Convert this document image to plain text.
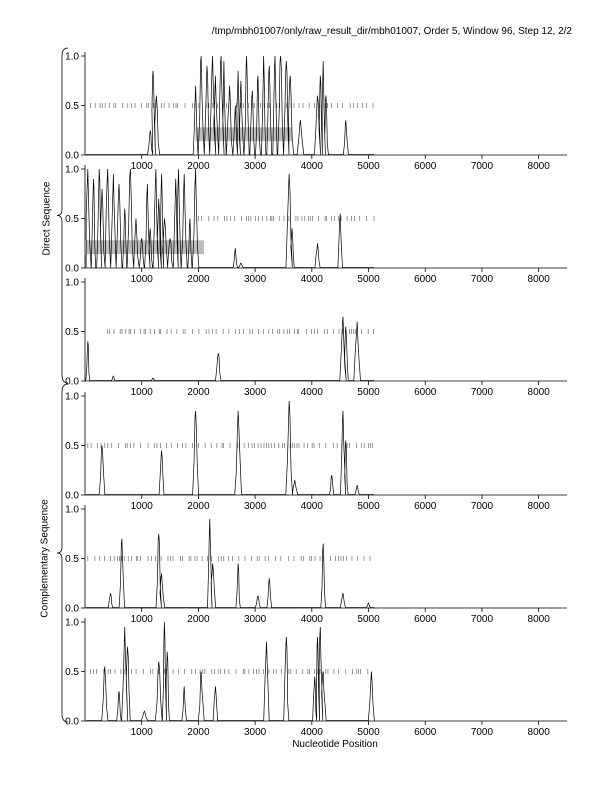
/tmp/mbh01007/only/raw_result_dir/mbh01007, Order 5, Window 96, Step 12, 2/2
0.0
0.5
1.0
1000	2000	3000	4000	5000	6000	7000	8000
0.0
0.5
1.0
1000	2000	3000	4000	5000	6000	7000	8000
0.0
0.5
1.0
1000	2000	3000	4000	5000	6000	7000	8000
0.0
0.5
1.0
1000	2000	3000	4000	5000	6000	7000	8000
0.0
0.5
1.0
1000	2000	3000	4000	5000	6000	7000	8000
0.0
0.5
1.0
1000	2000	3000	4000	5000	6000	7000	8000
Direct Sequence
Complementary Sequence
Nucleotide Position
